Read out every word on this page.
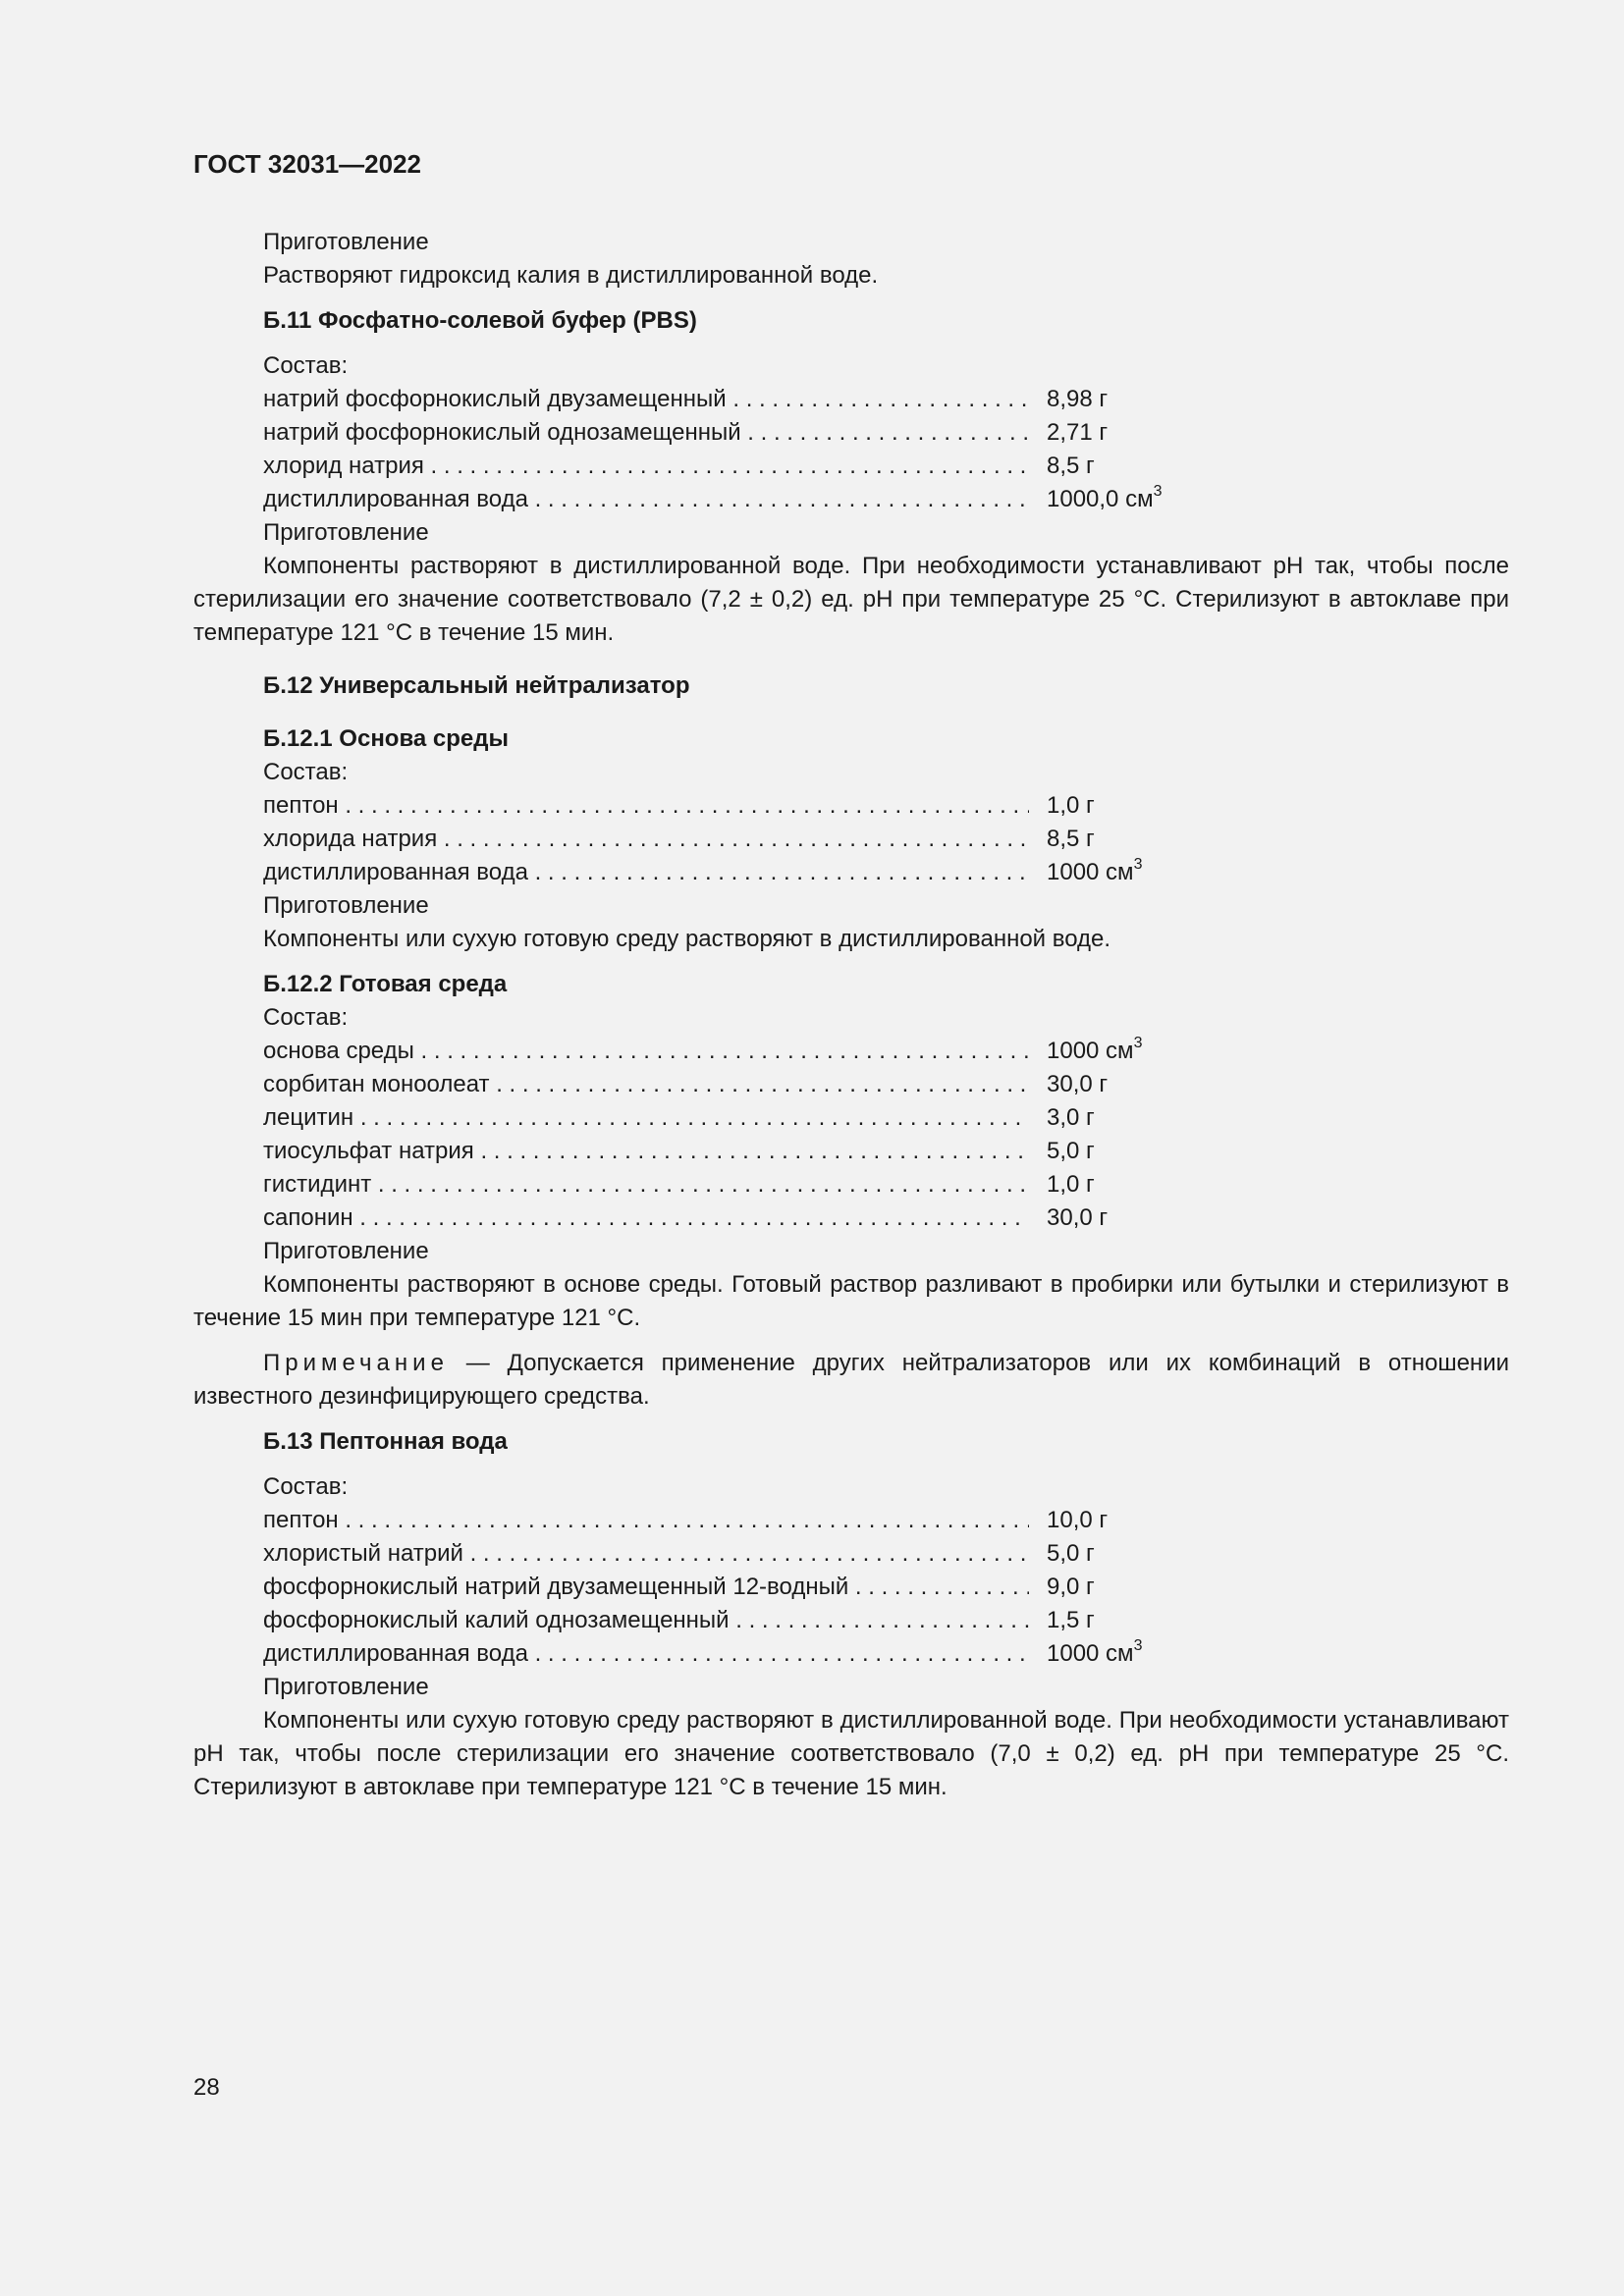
ГОСТ 32031—2022
Приготовление
Растворяют гидроксид калия в дистиллированной воде.
Б.11 Фосфатно-солевой буфер (PBS)
Состав:
натрий фосфорнокислый двузамещенный . . .	8,98 г
натрий фосфорнокислый однозамещенный . . .	2,71 г
хлорид натрия . . .	8,5 г
дистиллированная вода . . .	1000,0 $см^3$
Приготовление
Компоненты растворяют в дистиллированной воде. При необходимости устанавливают рН так, чтобы после стерилизации его значение соответствовало (7,2 ± 0,2) ед. рН при температуре 25 °С. Стерилизуют в автоклаве при температуре 121 °С в течение 15 мин.
Б.12 Универсальный нейтрализатор
Б.12.1 Основа среды
Состав:
пептон . . .	1,0 г
хлорида натрия . . .	8,5 г
дистиллированная вода . . .	1000 $см^3$
Приготовление
Компоненты или сухую готовую среду растворяют в дистиллированной воде.
Б.12.2 Готовая среда
Состав:
основа среды . . .	1000 $см^3$
сорбитан моноолеат . . .	30,0 г
лецитин . . .	3,0 г
тиосульфат натрия . . .	5,0 г
гистидинт . . .	1,0 г
сапонин . . .	30,0 г
Приготовление
Компоненты растворяют в основе среды. Готовый раствор разливают в пробирки или бутылки и стерилизуют в течение 15 мин при температуре 121 °С.
Примечание — Допускается применение других нейтрализаторов или их комбинаций в отношении известного дезинфицирующего средства.
Б.13 Пептонная вода
Состав:
пептон . . .	10,0 г
хлористый натрий . . .	5,0 г
фосфорнокислый натрий двузамещенный 12-водный . . .	9,0 г
фосфорнокислый калий однозамещенный . . .	1,5 г
дистиллированная вода . . .	1000 $см^3$
Приготовление
Компоненты или сухую готовую среду растворяют в дистиллированной воде. При необходимости устанавливают рН так, чтобы после стерилизации его значение соответствовало (7,0 ± 0,2) ед. рН при температуре 25 °С. Стерилизуют в автоклаве при температуре 121 °С в течение 15 мин.
28
